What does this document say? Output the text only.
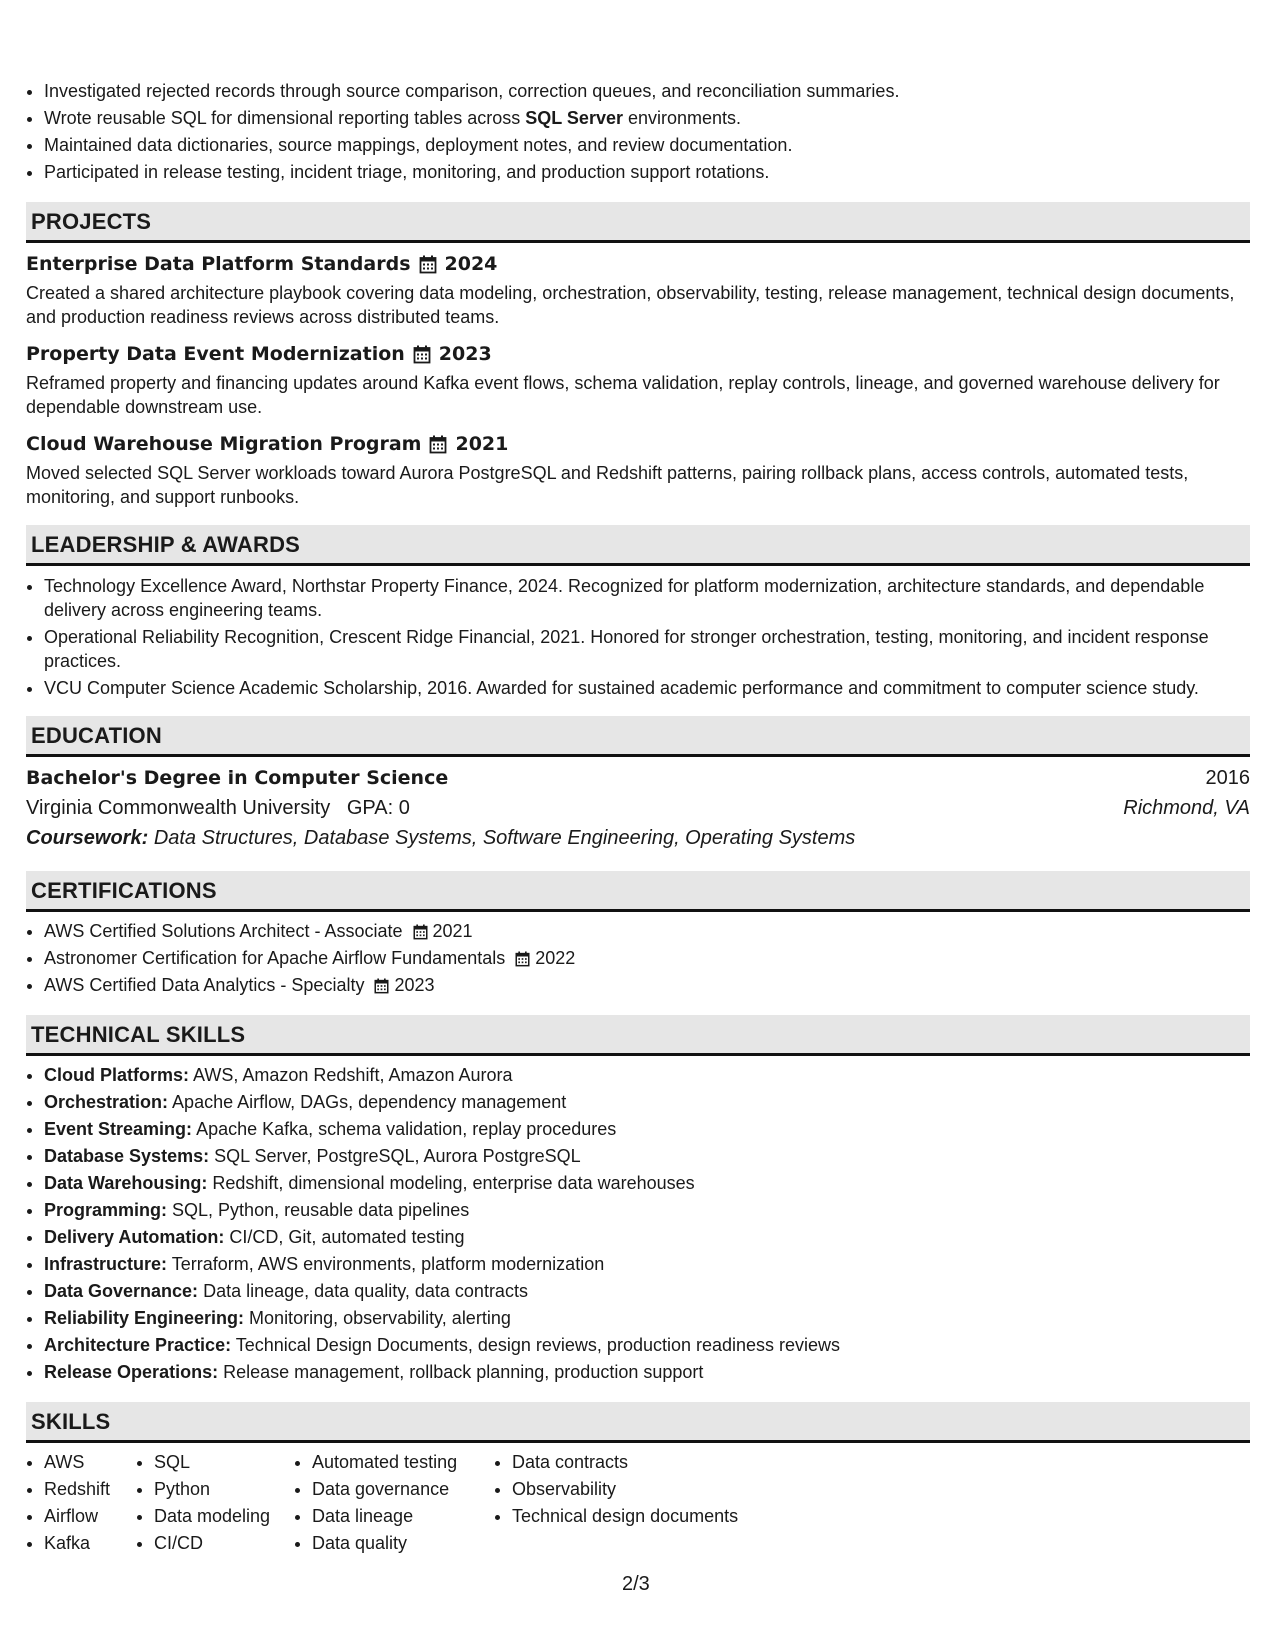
• Investigated rejected records through source comparison, correction queues, and reconciliation summaries.
• Wrote reusable SQL for dimensional reporting tables across SQL Server environments.
• Maintained data dictionaries, source mappings, deployment notes, and review documentation.
• Participated in release testing, incident triage, monitoring, and production support rotations.
PROJECTS
Enterprise Data Platform Standards 2024

Created a shared architecture playbook covering data modeling, orchestration, observability, testing, release management, technical design documents, and production readiness reviews across distributed teams.

Property Data Event Modernization 2023

Reframed property and financing updates around Kafka event flows, schema validation, replay controls, lineage, and governed warehouse delivery for dependable downstream use.

Cloud Warehouse Migration Program 2021

Moved selected SQL Server workloads toward Aurora PostgreSQL and Redshift patterns, pairing rollback plans, access controls, automated tests, monitoring, and support runbooks.

LEADERSHIP & AWARDS
• Technology Excellence Award, Northstar Property Finance, 2024. Recognized for platform modernization, architecture standards, and dependable delivery across engineering teams.
• Operational Reliability Recognition, Crescent Ridge Financial, 2021. Honored for stronger orchestration, testing, monitoring, and incident response practices.
• VCU Computer Science Academic Scholarship, 2016. Awarded for sustained academic performance and commitment to computer science study.
EDUCATION
Bachelor's Degree in Computer Science	2016
Virginia Commonwealth University GPA: 0	Richmond, VA
Coursework: Data Structures, Database Systems, Software Engineering, Operating Systems
CERTIFICATIONS
• AWS Certified Solutions Architect - Associate 2021
• Astronomer Certification for Apache Airflow Fundamentals 2022
• AWS Certified Data Analytics - Specialty 2023
TECHNICAL SKILLS
• Cloud Platforms: AWS, Amazon Redshift, Amazon Aurora
• Orchestration: Apache Airflow, DAGs, dependency management
• Event Streaming: Apache Kafka, schema validation, replay procedures
• Database Systems: SQL Server, PostgreSQL, Aurora PostgreSQL
• Data Warehousing: Redshift, dimensional modeling, enterprise data warehouses
• Programming: SQL, Python, reusable data pipelines
• Delivery Automation: CI/CD, Git, automated testing
• Infrastructure: Terraform, AWS environments, platform modernization
• Data Governance: Data lineage, data quality, data contracts
• Reliability Engineering: Monitoring, observability, alerting
• Architecture Practice: Technical Design Documents, design reviews, production readiness reviews
• Release Operations: Release management, rollback planning, production support
SKILLS
• AWS
• Redshift
• Airflow
• Kafka
• SQL
• Python
• Data modeling
• CI/CD
• Automated testing
• Data governance
• Data lineage
• Data quality
• Data contracts
• Observability
• Technical design documents
2/3
